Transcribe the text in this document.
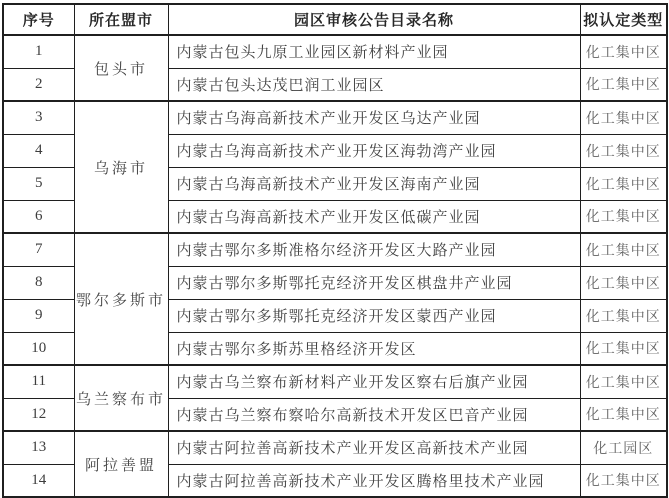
序号	所在盟市	园区审核公告目录名称	拟认定类型
1	包头市	内蒙古包头九原工业园区新材料产业园	化工集中区
2		内蒙古包头达茂巴润工业园区	化工集中区
3	乌海市	内蒙古乌海高新技术产业开发区乌达产业园	化工集中区
4		内蒙古乌海高新技术产业开发区海勃湾产业园	化工集中区
5		内蒙古乌海高新技术产业开发区海南产业园	化工集中区
6		内蒙古乌海高新技术产业开发区低碳产业园	化工集中区
7	鄂尔多斯市	内蒙古鄂尔多斯准格尔经济开发区大路产业园	化工集中区
8		内蒙古鄂尔多斯鄂托克经济开发区棋盘井产业园	化工集中区
9		内蒙古鄂尔多斯鄂托克经济开发区蒙西产业园	化工集中区
10		内蒙古鄂尔多斯苏里格经济开发区	化工集中区
11	乌兰察布市	内蒙古乌兰察布新材料产业开发区察右后旗产业园	化工集中区
12		内蒙古乌兰察布察哈尔高新技术开发区巴音产业园	化工集中区
13	阿拉善盟	内蒙古阿拉善高新技术产业开发区高新技术产业园	化工园区
14		内蒙古阿拉善高新技术产业开发区腾格里技术产业园	化工集中区
